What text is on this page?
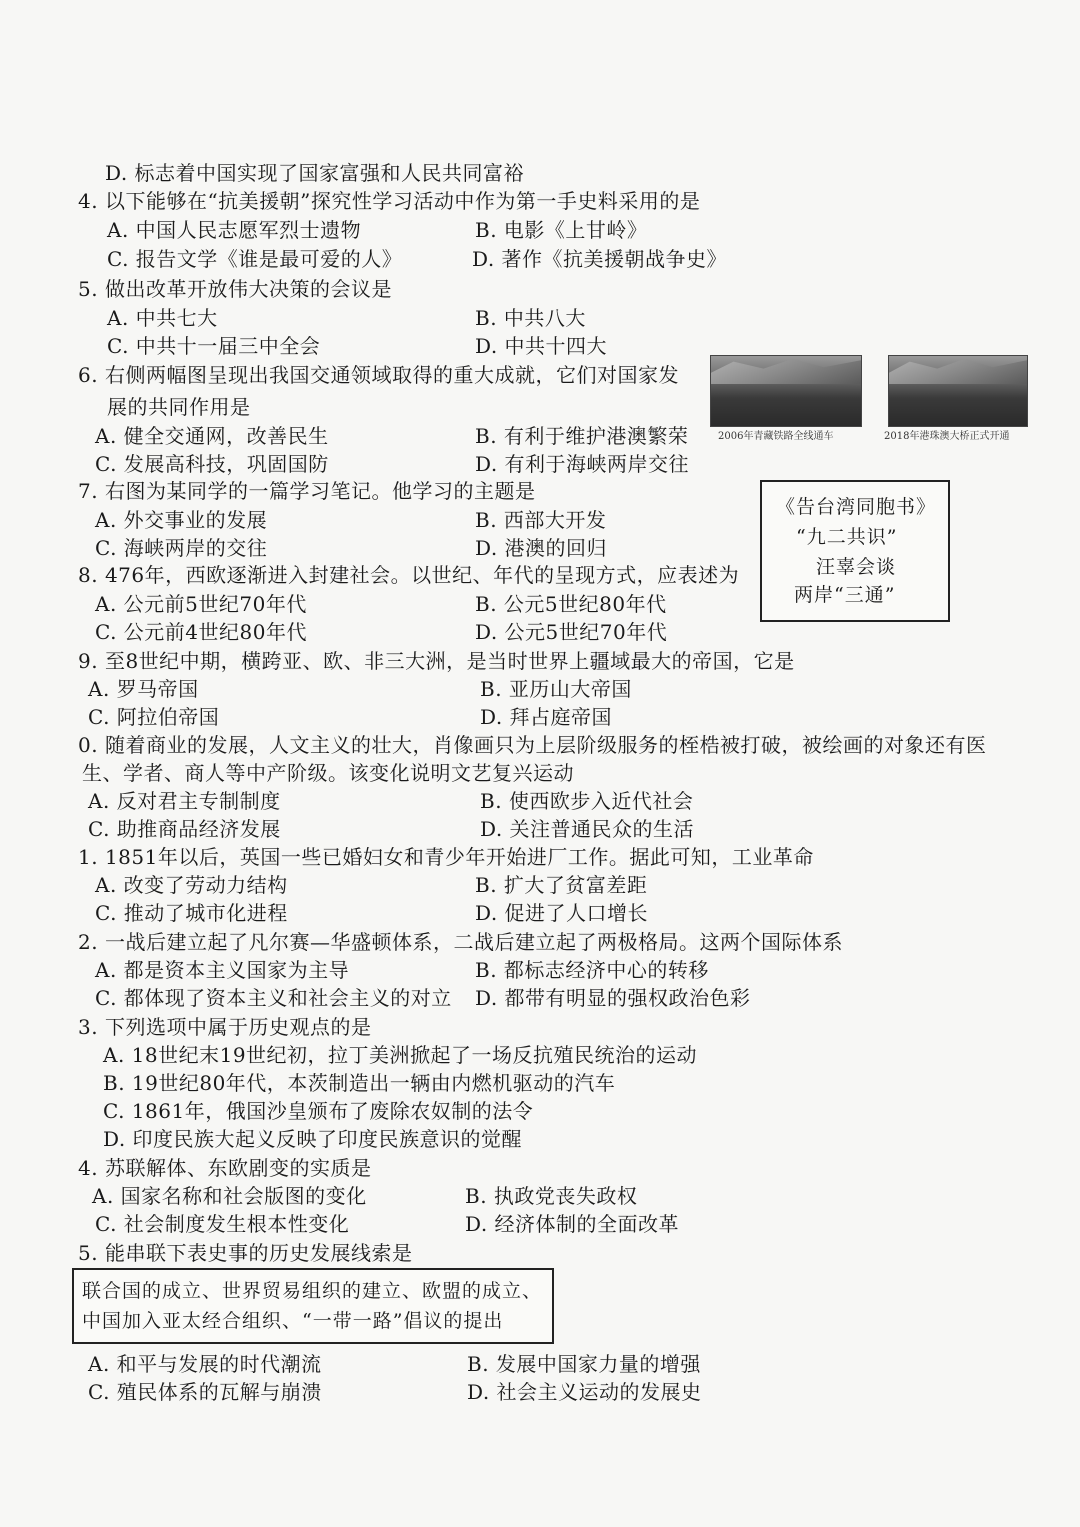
D. 标志着中国实现了国家富强和人民共同富裕
4. 以下能够在“抗美援朝”探究性学习活动中作为第一手史料采用的是
5. 做出改革开放伟大决策的会议是
6. 右侧两幅图呈现出我国交通领域取得的重大成就，它们对国家发
展的共同作用是
7. 右图为某同学的一篇学习笔记。他学习的主题是
8. 476年，西欧逐渐进入封建社会。以世纪、年代的呈现方式，应表述为
9. 至8世纪中期，横跨亚、欧、非三大洲，是当时世界上疆域最大的帝国，它是
0. 随着商业的发展，人文主义的壮大，肖像画只为上层阶级服务的桎梏被打破，被绘画的对象还有医
生、学者、商人等中产阶级。该变化说明文艺复兴运动
1. 1851年以后，英国一些已婚妇女和青少年开始进厂工作。据此可知，工业革命
2. 一战后建立起了凡尔赛—华盛顿体系，二战后建立起了两极格局。这两个国际体系
3. 下列选项中属于历史观点的是
A. 18世纪末19世纪初，拉丁美洲掀起了一场反抗殖民统治的运动
B. 19世纪80年代，本茨制造出一辆由内燃机驱动的汽车
C. 1861年，俄国沙皇颁布了废除农奴制的法令
D. 印度民族大起义反映了印度民族意识的觉醒
4. 苏联解体、东欧剧变的实质是
5. 能串联下表史事的历史发展线索是
A. 中国人民志愿军烈士遗物	B. 电影《上甘岭》
C. 报告文学《谁是最可爱的人》	D. 著作《抗美援朝战争史》
A. 中共七大	B. 中共八大
C. 中共十一届三中全会	D. 中共十四大
A. 健全交通网，改善民生	B. 有利于维护港澳繁荣
C. 发展高科技，巩固国防	D. 有利于海峡两岸交往
A. 外交事业的发展	B. 西部大开发
C. 海峡两岸的交往	D. 港澳的回归
A. 公元前5世纪70年代	B. 公元5世纪80年代
C. 公元前4世纪80年代	D. 公元5世纪70年代
A. 罗马帝国	B. 亚历山大帝国
C. 阿拉伯帝国	D. 拜占庭帝国
A. 反对君主专制制度	B. 使西欧步入近代社会
C. 助推商品经济发展	D. 关注普通民众的生活
A. 改变了劳动力结构	B. 扩大了贫富差距
C. 推动了城市化进程	D. 促进了人口增长
A. 都是资本主义国家为主导	B. 都标志经济中心的转移
C. 都体现了资本主义和社会主义的对立 D. 都带有明显的强权政治色彩
A. 国家名称和社会版图的变化	B. 执政党丧失政权
C. 社会制度发生根本性变化	D. 经济体制的全面改革
A. 和平与发展的时代潮流	B. 发展中国家力量的增强
C. 殖民体系的瓦解与崩溃	D. 社会主义运动的发展史
2006年青藏铁路全线通车	2018年港珠澳大桥正式开通
《告台湾同胞书》
“九二共识”
汪辜会谈
两岸“三通”
联合国的成立、世界贸易组织的建立、欧盟的成立、
中国加入亚太经合组织、“一带一路”倡议的提出
